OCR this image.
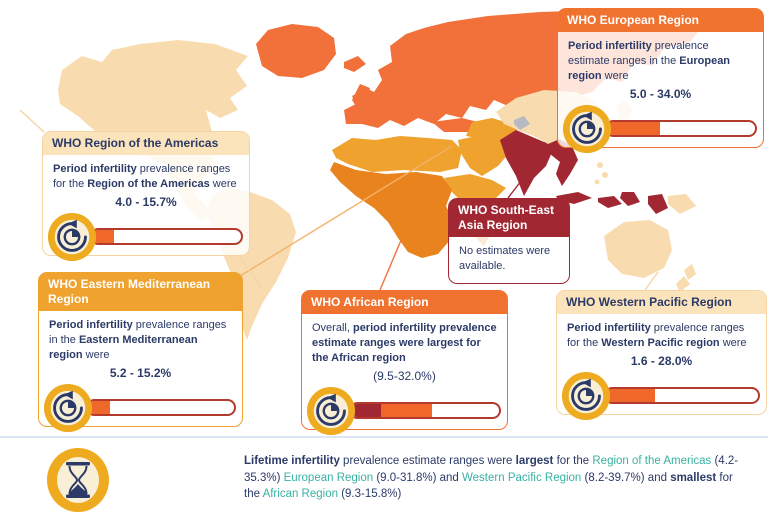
WHO European Region
Period infertility prevalence estimate ranges in the European region were
5.0 - 34.0%
WHO Region of the Americas
Period infertility prevalence ranges for the Region of the Americas were
4.0 - 15.7%
WHO South-East Asia Region
No estimates were available.
WHO Eastern Mediterranean Region
Period infertility prevalence ranges in the Eastern Mediterranean region were
5.2 - 15.2%
WHO African Region
Overall, period infertility prevalence estimate ranges were largest for the African region
(9.5-32.0%)
WHO Western Pacific Region
Period infertility prevalence ranges for the Western Pacific region were
1.6 - 28.0%
Lifetime infertility prevalence estimate ranges were largest for the Region of the Americas (4.2-35.3%) European Region (9.0-31.8%) and Western Pacific Region (8.2-39.7%) and smallest for the African Region (9.3-15.8%)
